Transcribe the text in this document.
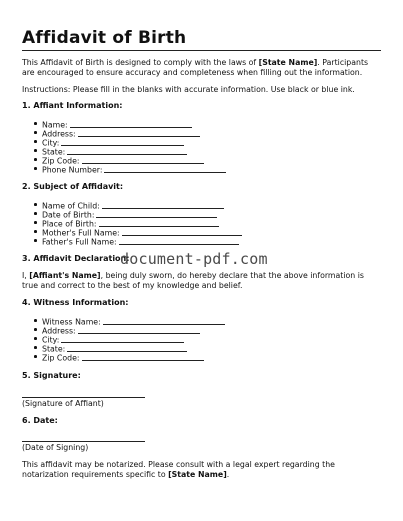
Affidavit of Birth
This Affidavit of Birth is designed to comply with the laws of [State Name]. Participants are encouraged to ensure accuracy and completeness when filling out the information.
Instructions: Please fill in the blanks with accurate information. Use black or blue ink.
1. Affiant Information:
Name:
Address:
City:
State:
Zip Code:
Phone Number:
2. Subject of Affidavit:
Name of Child:
Date of Birth:
Place of Birth:
Mother's Full Name:
Father's Full Name:
3. Affidavit Declaration:
I, [Affiant's Name], being duly sworn, do hereby declare that the above information is true and correct to the best of my knowledge and belief.
document-pdf.com
4. Witness Information:
Witness Name:
Address:
City:
State:
Zip Code:
5. Signature:
(Signature of Affiant)
6. Date:
(Date of Signing)
This affidavit may be notarized. Please consult with a legal expert regarding the notarization requirements specific to [State Name].
